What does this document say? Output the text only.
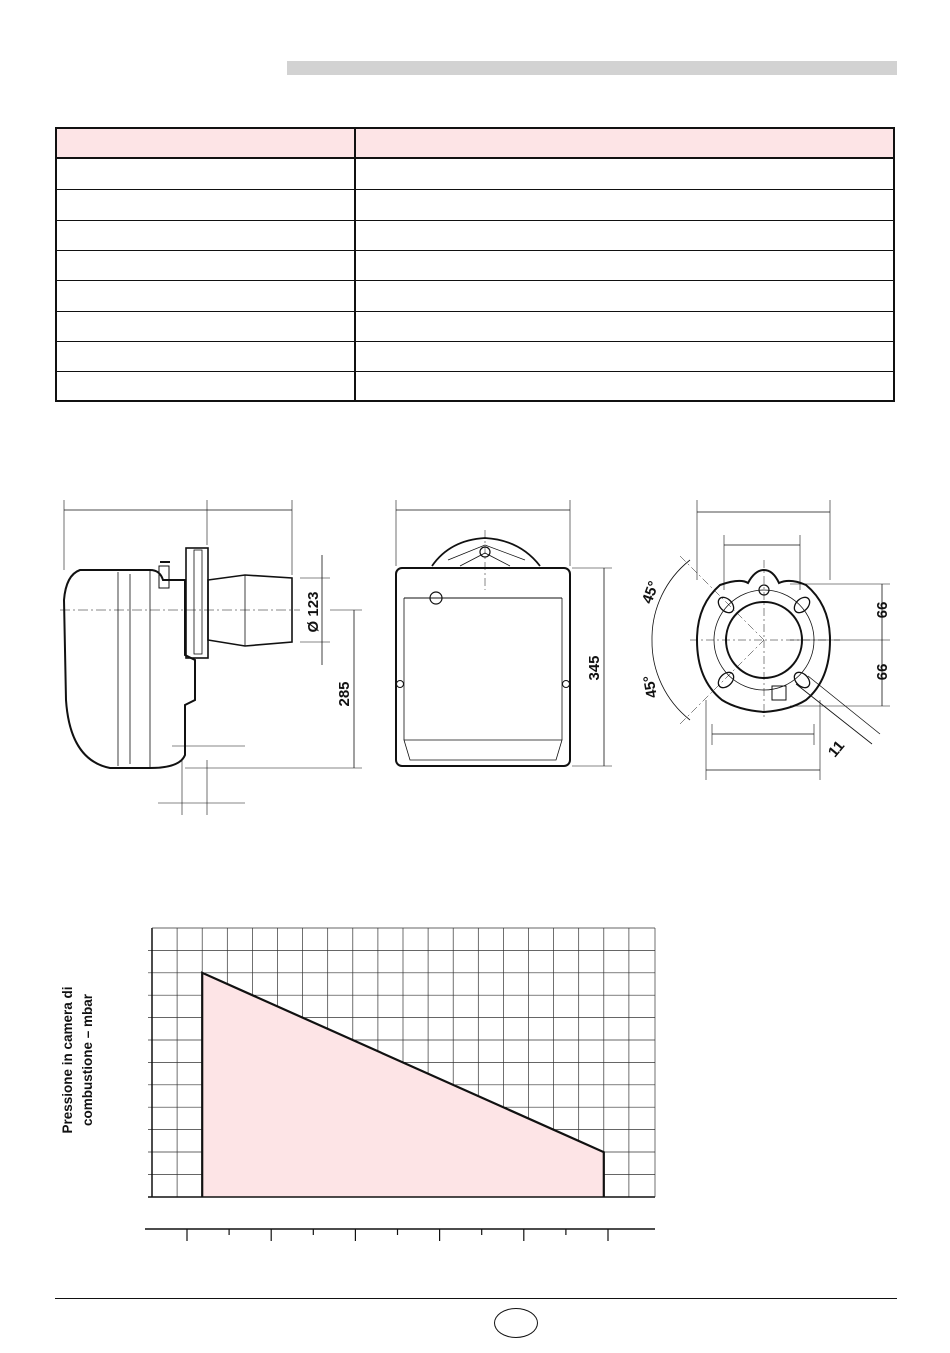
Ø 123
285
345
45°
45°
99
99
11
Pressione in camera di combustione – mbar
